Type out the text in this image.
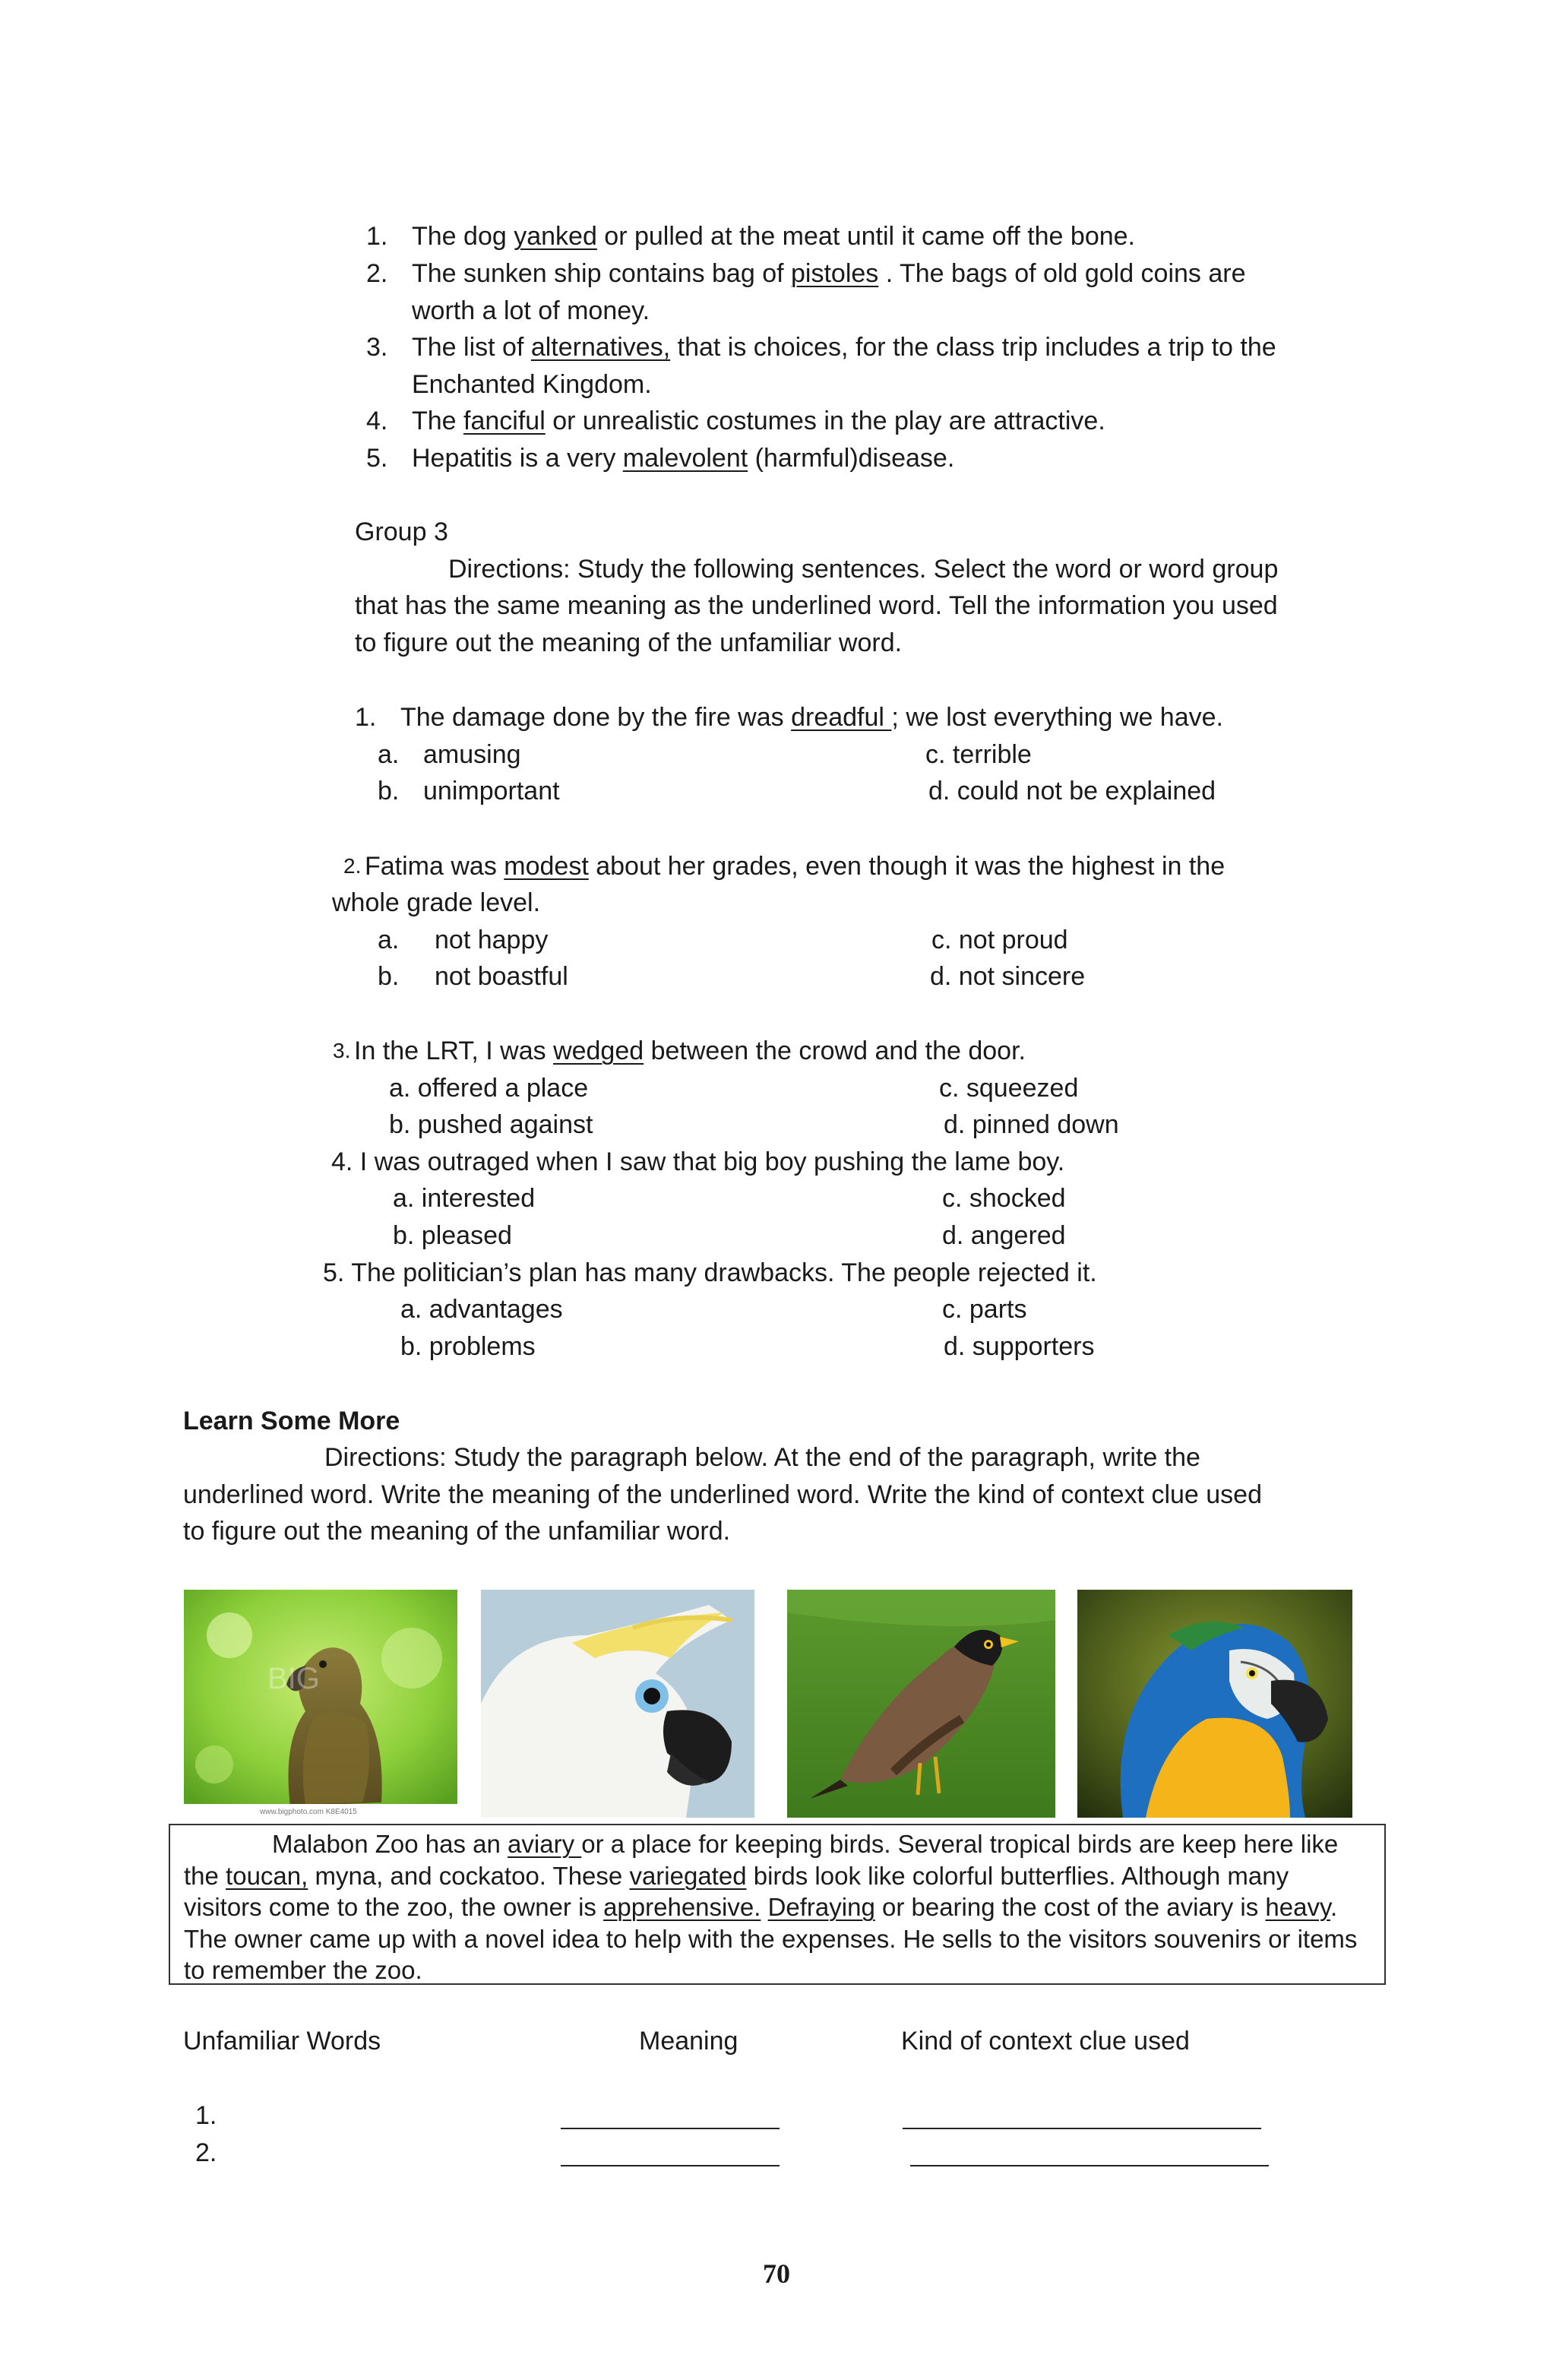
1. The dog yanked or pulled at the meat until it came off the bone.
2. The sunken ship contains bag of pistoles . The bags of old gold coins are
worth a lot of money.
3. The list of alternatives, that is choices, for the class trip includes a trip to the
Enchanted Kingdom.
4. The fanciful or unrealistic costumes in the play are attractive.
5. Hepatitis is a very malevolent (harmful)disease.
Group 3
Directions: Study the following sentences. Select the word or word group
that has the same meaning as the underlined word. Tell the information you used
to figure out the meaning of the unfamiliar word.
1. The damage done by the fire was dreadful ; we lost everything we have.
a. amusing	c. terrible
b. unimportant	d. could not be explained
2. Fatima was modest about her grades, even though it was the highest in the
whole grade level.
a. not happy	c. not proud
b. not boastful	d. not sincere
3. In the LRT, I was wedged between the crowd and the door.
a. offered a place	c. squeezed
b. pushed against	d. pinned down
4. I was outraged when I saw that big boy pushing the lame boy.
a. interested	c. shocked
b. pleased	d. angered
5. The politician’s plan has many drawbacks. The people rejected it.
a. advantages	c. parts
b. problems	d. supporters
Learn Some More
Directions: Study the paragraph below. At the end of the paragraph, write the
underlined word. Write the meaning of the underlined word. Write the kind of context clue used
to figure out the meaning of the unfamiliar word.
BIG
www.bigphoto.com K8E4015
Malabon Zoo has an aviary or a place for keeping birds. Several tropical birds are keep here like the toucan, myna, and cockatoo. These variegated birds look like colorful butterflies. Although many visitors come to the zoo, the owner is apprehensive. Defraying or bearing the cost of the aviary is heavy. The owner came up with a novel idea to help with the expenses. He sells to the visitors souvenirs or items to remember the zoo.
Unfamiliar Words	Meaning	Kind of context clue used
1.
2.
70
